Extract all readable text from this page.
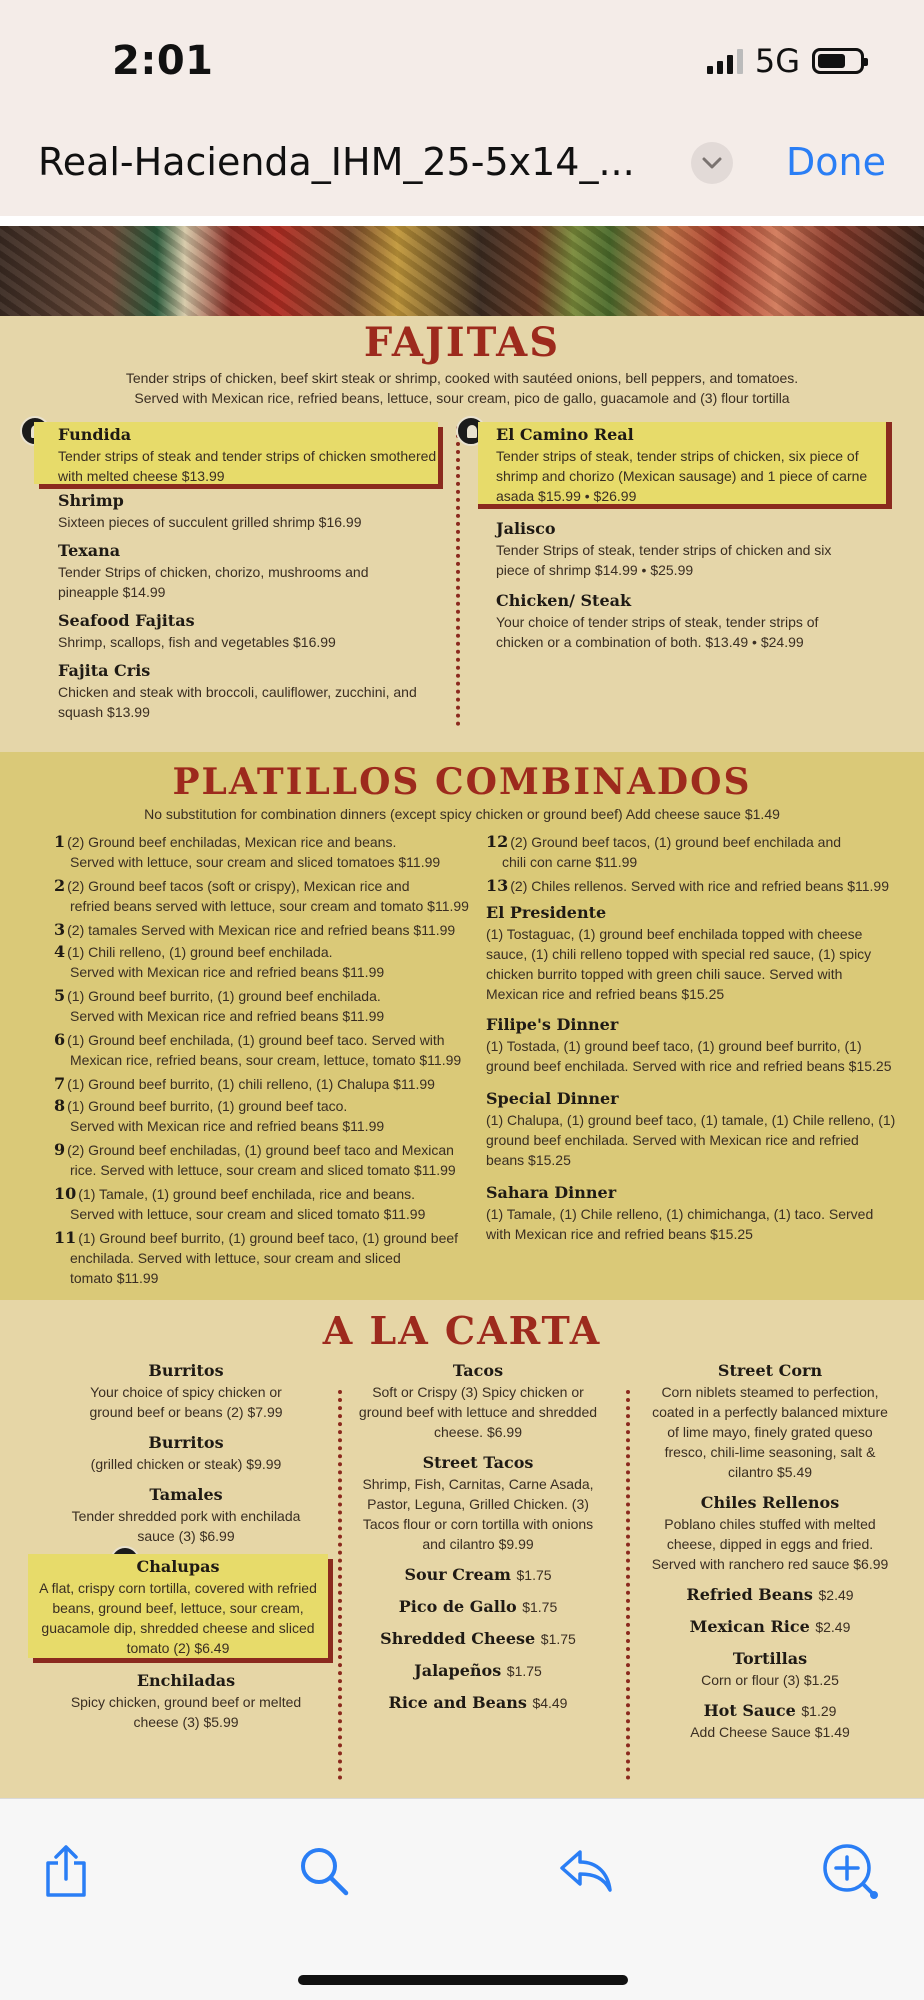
2:01	5G
Real-Hacienda_IHM_25-5x14_...	Done
FAJITAS
Tender strips of chicken, beef skirt steak or shrimp, cooked with sautéed onions, bell peppers, and tomatoes.
Served with Mexican rice, refried beans, lettuce, sour cream, pico de gallo, guacamole and (3) flour tortilla
Fundida
Tender strips of steak and tender strips of chicken smothered with melted cheese $13.99
Shrimp
Sixteen pieces of succulent grilled shrimp $16.99
Texana
Tender Strips of chicken, chorizo, mushrooms and pineapple $14.99
Seafood Fajitas
Shrimp, scallops, fish and vegetables $16.99
Fajita Cris
Chicken and steak with broccoli, cauliflower, zucchini, and squash $13.99
El Camino Real
Tender strips of steak, tender strips of chicken, six piece of shrimp and chorizo (Mexican sausage) and 1 piece of carne asada $15.99 • $26.99
Jalisco
Tender Strips of steak, tender strips of chicken and six piece of shrimp $14.99 • $25.99
Chicken/ Steak
Your choice of tender strips of steak, tender strips of chicken or a combination of both. $13.49 • $24.99
PLATILLOS COMBINADOS
No substitution for combination dinners (except spicy chicken or ground beef) Add cheese sauce $1.49
1 (2) Ground beef enchiladas, Mexican rice and beans.
Served with lettuce, sour cream and sliced tomatoes $11.99
2 (2) Ground beef tacos (soft or crispy), Mexican rice and
refried beans served with lettuce, sour cream and tomato $11.99
3 (2) tamales Served with Mexican rice and refried beans $11.99
4 (1) Chili relleno, (1) ground beef enchilada.
Served with Mexican rice and refried beans $11.99
5 (1) Ground beef burrito, (1) ground beef enchilada.
Served with Mexican rice and refried beans $11.99
6 (1) Ground beef enchilada, (1) ground beef taco. Served with
Mexican rice, refried beans, sour cream, lettuce, tomato $11.99
7 (1) Ground beef burrito, (1) chili relleno, (1) Chalupa $11.99
8 (1) Ground beef burrito, (1) ground beef taco.
Served with Mexican rice and refried beans $11.99
9 (2) Ground beef enchiladas, (1) ground beef taco and Mexican
rice. Served with lettuce, sour cream and sliced tomato $11.99
10 (1) Tamale, (1) ground beef enchilada, rice and beans.
Served with lettuce, sour cream and sliced tomato $11.99
11 (1) Ground beef burrito, (1) ground beef taco, (1) ground beef
enchilada. Served with lettuce, sour cream and sliced
tomato $11.99
12 (2) Ground beef tacos, (1) ground beef enchilada and
chili con carne $11.99
13 (2) Chiles rellenos. Served with rice and refried beans $11.99
El Presidente
(1) Tostaguac, (1) ground beef enchilada topped with cheese sauce, (1) chili relleno topped with special red sauce, (1) spicy chicken burrito topped with green chili sauce. Served with Mexican rice and refried beans $15.25
Filipe's Dinner
(1) Tostada, (1) ground beef taco, (1) ground beef burrito, (1) ground beef enchilada. Served with rice and refried beans $15.25
Special Dinner
(1) Chalupa, (1) ground beef taco, (1) tamale, (1) Chile relleno, (1) ground beef enchilada. Served with Mexican rice and refried beans $15.25
Sahara Dinner
(1) Tamale, (1) Chile relleno, (1) chimichanga, (1) taco. Served with Mexican rice and refried beans $15.25
A LA CARTA
Burritos
Your choice of spicy chicken or ground beef or beans (2) $7.99
Burritos
(grilled chicken or steak) $9.99
Tamales
Tender shredded pork with enchilada sauce (3) $6.99
Chalupas
A flat, crispy corn tortilla, covered with refried beans, ground beef, lettuce, sour cream, guacamole dip, shredded cheese and sliced tomato (2) $6.49
Enchiladas
Spicy chicken, ground beef or melted cheese (3) $5.99
Tacos
Soft or Crispy (3) Spicy chicken or ground beef with lettuce and shredded cheese. $6.99
Street Tacos
Shrimp, Fish, Carnitas, Carne Asada, Pastor, Leguna, Grilled Chicken. (3) Tacos flour or corn tortilla with onions and cilantro $9.99
Sour Cream $1.75
Pico de Gallo $1.75
Shredded Cheese $1.75
Jalapeños $1.75
Rice and Beans $4.49
Street Corn
Corn niblets steamed to perfection, coated in a perfectly balanced mixture of lime mayo, finely grated queso fresco, chili-lime seasoning, salt & cilantro $5.49
Chiles Rellenos
Poblano chiles stuffed with melted cheese, dipped in eggs and fried. Served with ranchero red sauce $6.99
Refried Beans $2.49
Mexican Rice $2.49
Tortillas
Corn or flour (3) $1.25
Hot Sauce $1.29
Add Cheese Sauce $1.49
